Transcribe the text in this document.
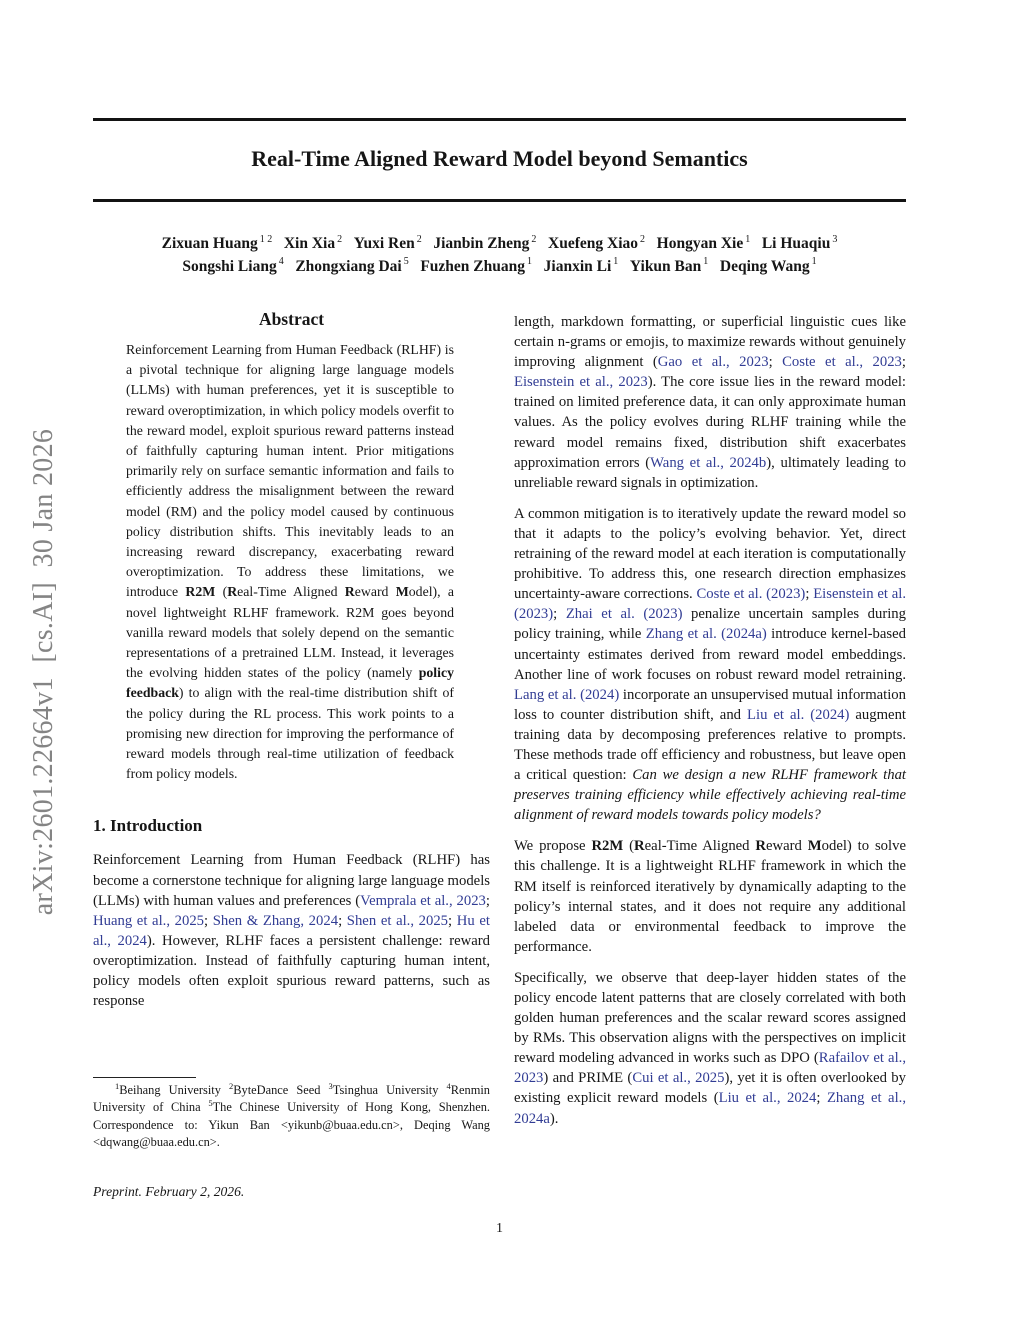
arXiv:2601.22664v1  [cs.AI]  30 Jan 2026
Real-Time Aligned Reward Model beyond Semantics
Zixuan Huang $^{1 2}$ Xin Xia $^2$ Yuxi Ren $^2$ Jianbin Zheng $^2$ Xuefeng Xiao $^2$ Hongyan Xie $^1$ Li Huaqiu $^3$
Songshi Liang $^4$ Zhongxiang Dai $^5$ Fuzhen Zhuang $^1$ Jianxin Li $^1$ Yikun Ban $^1$ Deqing Wang $^1$
Abstract

Reinforcement Learning from Human Feedback (RLHF) is a pivotal technique for aligning large language models (LLMs) with human preferences, yet it is susceptible to reward overoptimization, in which policy models overfit to the reward model, exploit spurious reward patterns instead of faithfully capturing human intent. Prior mitigations primarily rely on surface semantic information and fails to efficiently address the misalignment between the reward model (RM) and the policy model caused by continuous policy distribution shifts. This inevitably leads to an increasing reward discrepancy, exacerbating reward overoptimization. To address these limitations, we introduce R2M (Real-Time Aligned Reward Model), a novel lightweight RLHF framework. R2M goes beyond vanilla reward models that solely depend on the semantic representations of a pretrained LLM. Instead, it leverages the evolving hidden states of the policy (namely policy feedback) to align with the real-time distribution shift of the policy during the RL process. This work points to a promising new direction for improving the performance of reward models through real-time utilization of feedback from policy models.

1. Introduction

Reinforcement Learning from Human Feedback (RLHF) has become a cornerstone technique for aligning large language models (LLMs) with human values and preferences (Vemprala et al., 2023; Huang et al., 2025; Shen & Zhang, 2024; Shen et al., 2025; Hu et al., 2024). However, RLHF faces a persistent challenge: reward overoptimization. Instead of faithfully capturing human intent, policy models often exploit spurious reward patterns, such as response

$^1$Beihang University $^2$ByteDance Seed $^3$Tsinghua University $^4$Renmin University of China $^5$The Chinese University of Hong Kong, Shenzhen. Correspondence to: Yikun Ban <yikunb@buaa.edu.cn>, Deqing Wang <dqwang@buaa.edu.cn>.

Preprint. February 2, 2026.

length, markdown formatting, or superficial linguistic cues like certain n-grams or emojis, to maximize rewards without genuinely improving alignment (Gao et al., 2023; Coste et al., 2023; Eisenstein et al., 2023). The core issue lies in the reward model: trained on limited preference data, it can only approximate human values. As the policy evolves during RLHF training while the reward model remains fixed, distribution shift exacerbates approximation errors (Wang et al., 2024b), ultimately leading to unreliable reward signals in optimization.

A common mitigation is to iteratively update the reward model so that it adapts to the policy’s evolving behavior. Yet, direct retraining of the reward model at each iteration is computationally prohibitive. To address this, one research direction emphasizes uncertainty-aware corrections. Coste et al. (2023); Eisenstein et al. (2023); Zhai et al. (2023) penalize uncertain samples during policy training, while Zhang et al. (2024a) introduce kernel-based uncertainty estimates derived from reward model embeddings. Another line of work focuses on robust reward model retraining. Lang et al. (2024) incorporate an unsupervised mutual information loss to counter distribution shift, and Liu et al. (2024) augment training data by decomposing preferences relative to prompts. These methods trade off efficiency and robustness, but leave open a critical question: Can we design a new RLHF framework that preserves training efficiency while effectively achieving real-time alignment of reward models towards policy models?

We propose R2M (Real-Time Aligned Reward Model) to solve this challenge. It is a lightweight RLHF framework in which the RM itself is reinforced iteratively by dynamically adapting to the policy’s internal states, and it does not require any additional labeled data or environmental feedback to improve the performance.

Specifically, we observe that deep-layer hidden states of the policy encode latent patterns that are closely correlated with both golden human preferences and the scalar reward scores assigned by RMs. This observation aligns with the perspectives on implicit reward modeling advanced in works such as DPO (Rafailov et al., 2023) and PRIME (Cui et al., 2025), yet it is often overlooked by existing explicit reward models (Liu et al., 2024; Zhang et al., 2024a).

1
